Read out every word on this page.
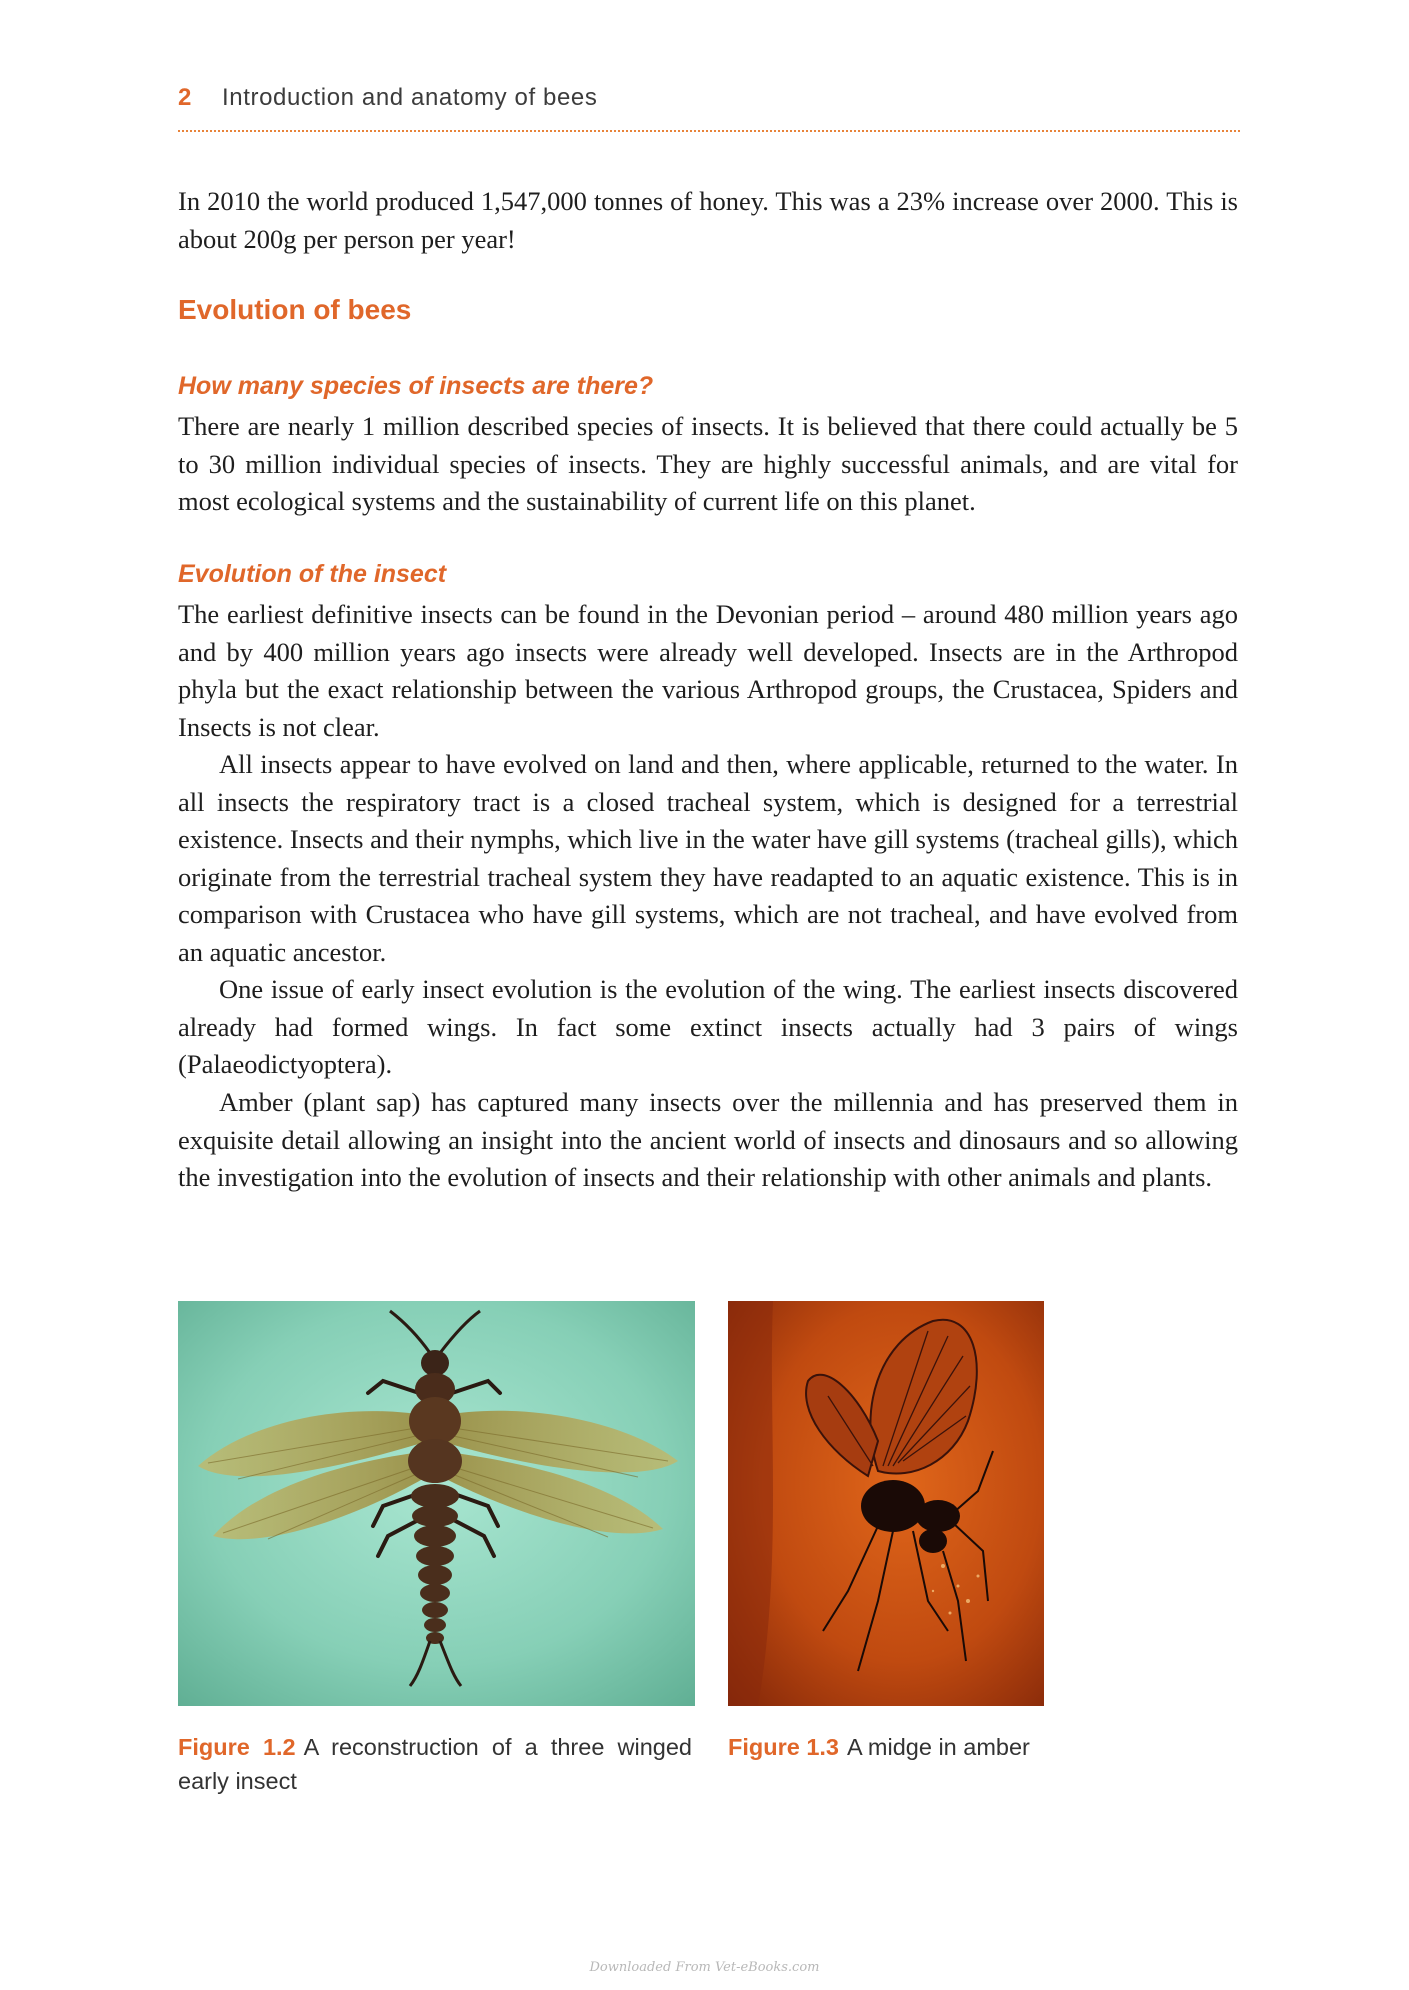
2 Introduction and anatomy of bees

In 2010 the world produced 1,547,000 tonnes of honey. This was a 23% increase over 2000. This is about 200g per person per year!

Evolution of bees
How many species of insects are there?

There are nearly 1 million described species of insects. It is believed that there could actually be 5 to 30 million individual species of insects. They are highly successful animals, and are vital for most ecological systems and the sustainability of current life on this planet.

Evolution of the insect

The earliest definitive insects can be found in the Devonian period – around 480 million years ago and by 400 million years ago insects were already well developed. Insects are in the Arthropod phyla but the exact relationship between the various Arthropod groups, the Crustacea, Spiders and Insects is not clear.

All insects appear to have evolved on land and then, where applicable, returned to the water. In all insects the respiratory tract is a closed tracheal system, which is designed for a terrestrial existence. Insects and their nymphs, which live in the water have gill systems (tracheal gills), which originate from the terrestrial tracheal system they have readapted to an aquatic existence. This is in comparison with Crustacea who have gill systems, which are not tracheal, and have evolved from an aquatic ancestor.

One issue of early insect evolution is the evolution of the wing. The earliest insects discovered already had formed wings. In fact some extinct insects actually had 3 pairs of wings (Palaeodictyoptera).

Amber (plant sap) has captured many insects over the millennia and has preserved them in exquisite detail allowing an insight into the ancient world of insects and dinosaurs and so allowing the investigation into the evolution of insects and their relationship with other animals and plants.

Figure 1.2 A reconstruction of a three winged early insect

Figure 1.3 A midge in amber

Downloaded From Vet-eBooks.com
